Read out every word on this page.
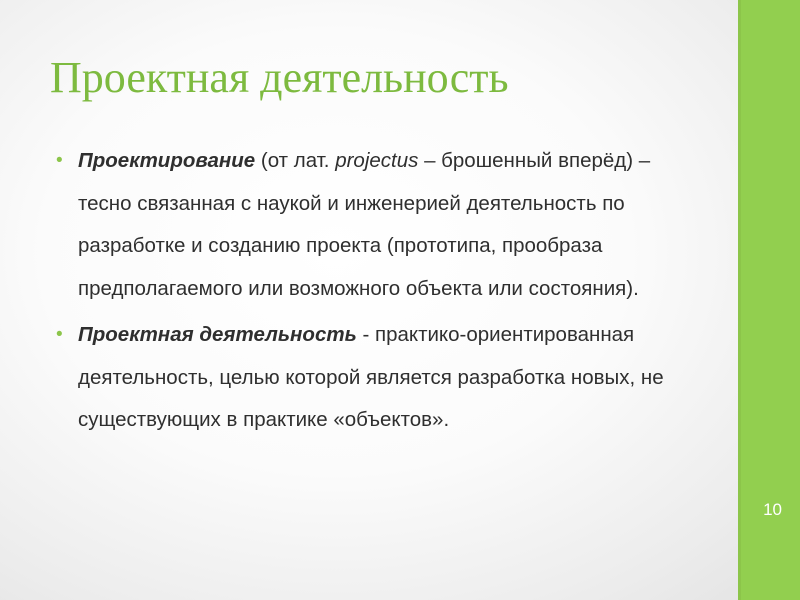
Проектная деятельность
• Проектирование (от лат. projectus – брошенный вперёд) – тесно связанная с наукой и инженерией деятельность по разработке и созданию проекта (прототипа, прообраза предполагаемого или возможного объекта или состояния).
• Проектная деятельность - практико-ориентированная деятельность, целью которой является разработка новых, не существующих в практике «объектов».
10
